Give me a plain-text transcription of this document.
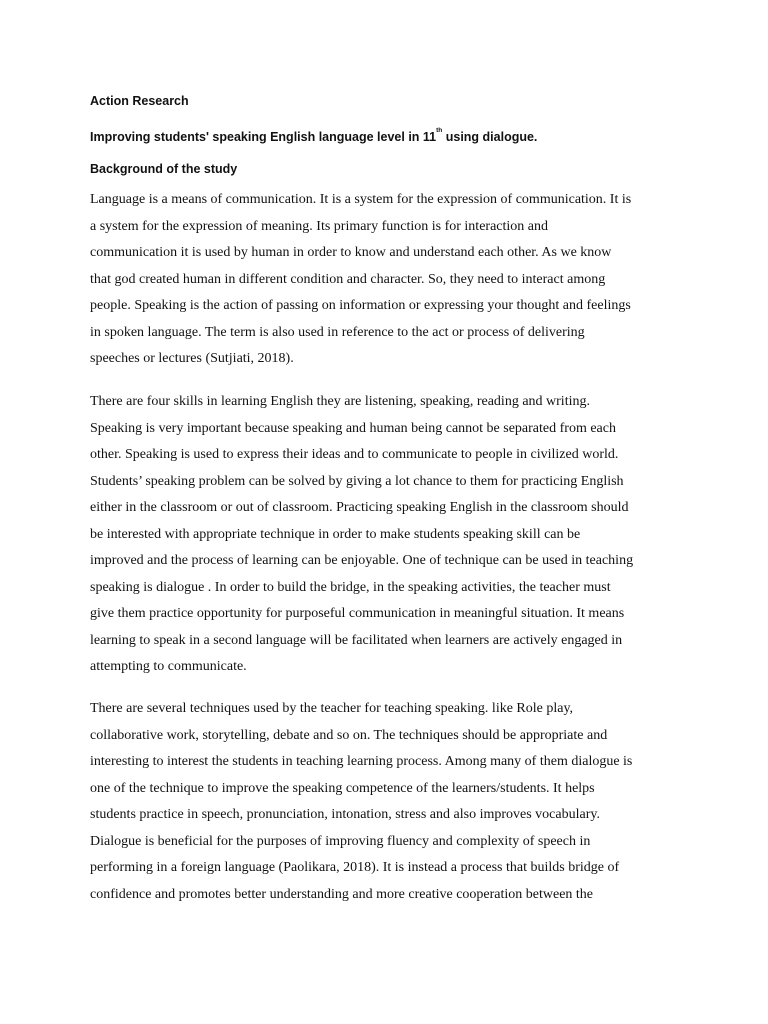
Action Research

Improving students' speaking English language level in 11th using dialogue.

Background of the study

Language is a means of communication. It is a system for the expression of communication. It is
a system for the expression of meaning. Its primary function is for interaction and
communication it is used by human in order to know and understand each other. As we know
that god created human in different condition and character. So, they need to interact among
people. Speaking is the action of passing on information or expressing your thought and feelings
in spoken language. The term is also used in reference to the act or process of delivering
speeches or lectures (Sutjiati, 2018).
There are four skills in learning English they are listening, speaking, reading and writing.
Speaking is very important because speaking and human being cannot be separated from each
other. Speaking is used to express their ideas and to communicate to people in civilized world.
Students’ speaking problem can be solved by giving a lot chance to them for practicing English
either in the classroom or out of classroom. Practicing speaking English in the classroom should
be interested with appropriate technique in order to make students speaking skill can be
improved and the process of learning can be enjoyable. One of technique can be used in teaching
speaking is dialogue . In order to build the bridge, in the speaking activities, the teacher must
give them practice opportunity for purposeful communication in meaningful situation. It means
learning to speak in a second language will be facilitated when learners are actively engaged in
attempting to communicate.
There are several techniques used by the teacher for teaching speaking. like Role play,
collaborative work, storytelling, debate and so on. The techniques should be appropriate and
interesting to interest the students in teaching learning process. Among many of them dialogue is
one of the technique to improve the speaking competence of the learners/students. It helps
students practice in speech, pronunciation, intonation, stress and also improves vocabulary.
Dialogue is beneficial for the purposes of improving fluency and complexity of speech in
performing in a foreign language (Paolikara, 2018). It is instead a process that builds bridge of
confidence and promotes better understanding and more creative cooperation between the
